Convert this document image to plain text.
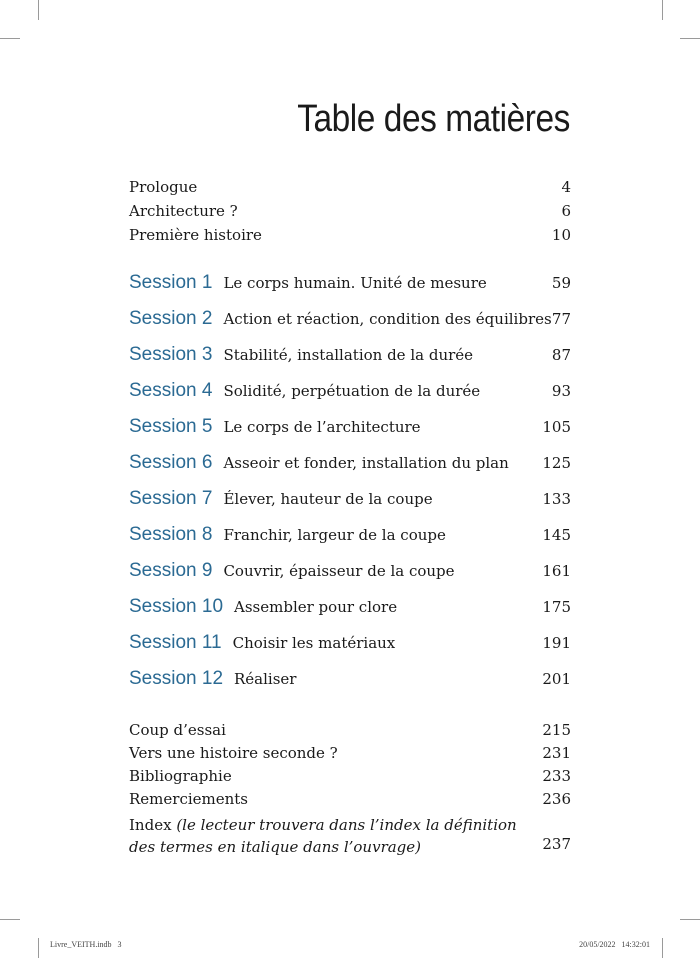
Table des matières
Prologue	4
Architecture ?	6
Première histoire	10
Session 1 Le corps humain. Unité de mesure	59
Session 2 Action et réaction, condition des équilibres 77
Session 3 Stabilité, installation de la durée	87
Session 4 Solidité, perpétuation de la durée	93
Session 5 Le corps de l’architecture	105
Session 6 Asseoir et fonder, installation du plan	125
Session 7 Élever, hauteur de la coupe	133
Session 8 Franchir, largeur de la coupe	145
Session 9 Couvrir, épaisseur de la coupe	161
Session 10 Assembler pour clore	175
Session 11 Choisir les matériaux	191
Session 12 Réaliser	201
Coup d’essai	215
Vers une histoire seconde ?	231
Bibliographie	233
Remerciements	236
Index (le lecteur trouvera dans l’index la définition
des termes en italique dans l’ouvrage)	237
Livre_VEITH.indb   3	20/05/2022   14:32:01
